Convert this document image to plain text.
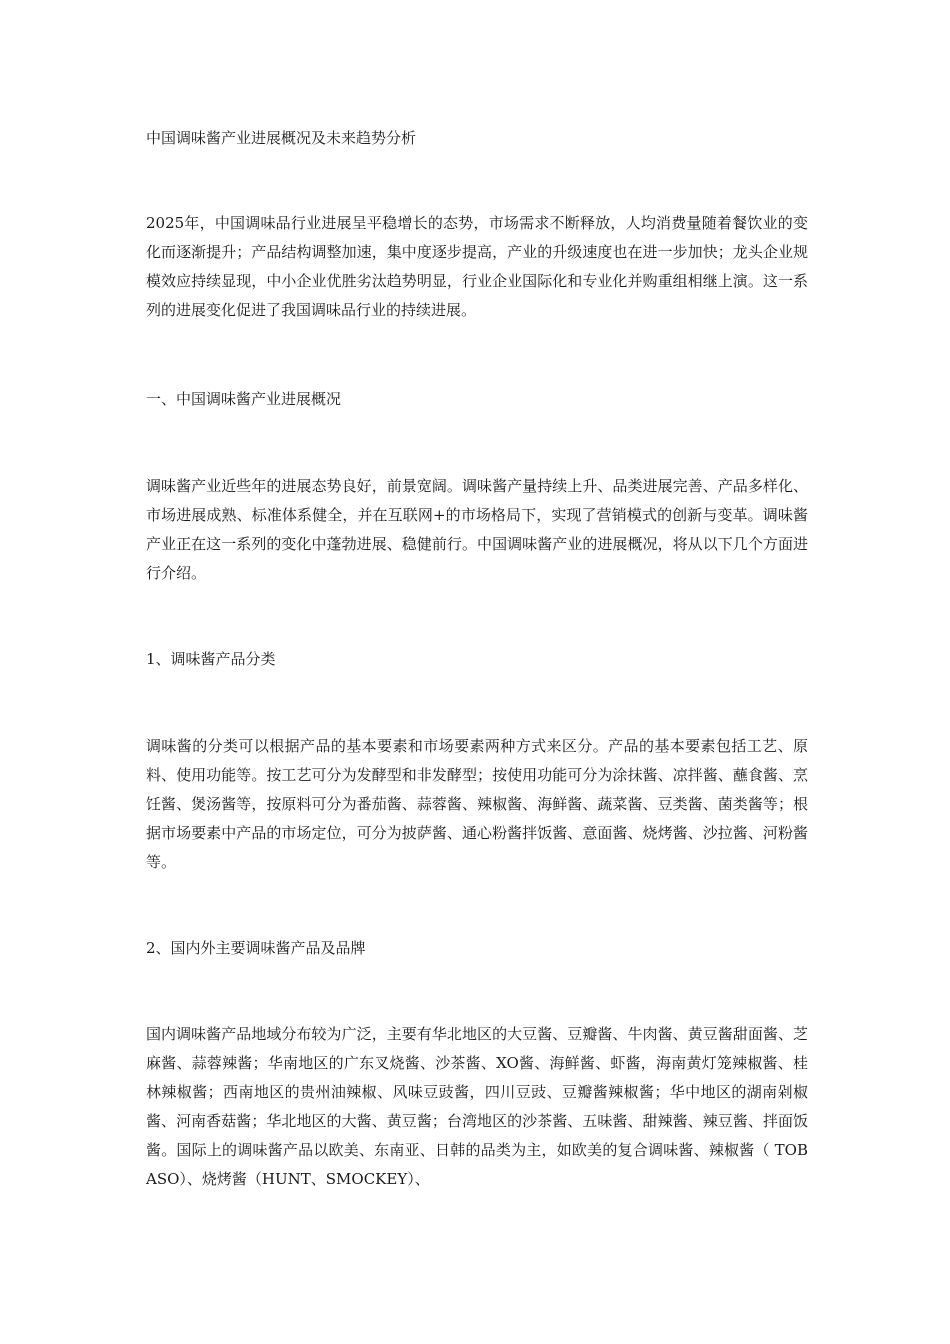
中国调味酱产业进展概况及未来趋势分析

2025年，中国调味品行业进展呈平稳增长的态势，市场需求不断释放，人均消费量随着餐饮业的变化而逐渐提升；产品结构调整加速，集中度逐步提高，产业的升级速度也在进一步加快；龙头企业规模效应持续显现，中小企业优胜劣汰趋势明显，行业企业国际化和专业化并购重组相继上演。这一系列的进展变化促进了我国调味品行业的持续进展。

一、中国调味酱产业进展概况

调味酱产业近些年的进展态势良好，前景宽阔。调味酱产量持续上升、品类进展完善、产品多样化、市场进展成熟、标准体系健全，并在互联网+的市场格局下，实现了营销模式的创新与变革。调味酱产业正在这一系列的变化中蓬勃进展、稳健前行。中国调味酱产业的进展概况，将从以下几个方面进行介绍。

1、调味酱产品分类

调味酱的分类可以根据产品的基本要素和市场要素两种方式来区分。产品的基本要素包括工艺、原料、使用功能等。按工艺可分为发酵型和非发酵型；按使用功能可分为涂抹酱、凉拌酱、蘸食酱、烹饪酱、煲汤酱等，按原料可分为番茄酱、蒜蓉酱、辣椒酱、海鲜酱、蔬菜酱、豆类酱、菌类酱等；根据市场要素中产品的市场定位，可分为披萨酱、通心粉酱拌饭酱、意面酱、烧烤酱、沙拉酱、河粉酱等。

2、国内外主要调味酱产品及品牌

国内调味酱产品地域分布较为广泛，主要有华北地区的大豆酱、豆瓣酱、牛肉酱、黄豆酱甜面酱、芝麻酱、蒜蓉辣酱；华南地区的广东叉烧酱、沙茶酱、XO酱、海鲜酱、虾酱，海南黄灯笼辣椒酱、桂林辣椒酱；西南地区的贵州油辣椒、风味豆豉酱，四川豆豉、豆瓣酱辣椒酱；华中地区的湖南剁椒酱、河南香菇酱；华北地区的大酱、黄豆酱；台湾地区的沙茶酱、五味酱、甜辣酱、辣豆酱、拌面饭酱。国际上的调味酱产品以欧美、东南亚、日韩的品类为主，如欧美的复合调味酱、辣椒酱（ TOBASO）、烧烤酱（HUNT、SMOCKEY）、
